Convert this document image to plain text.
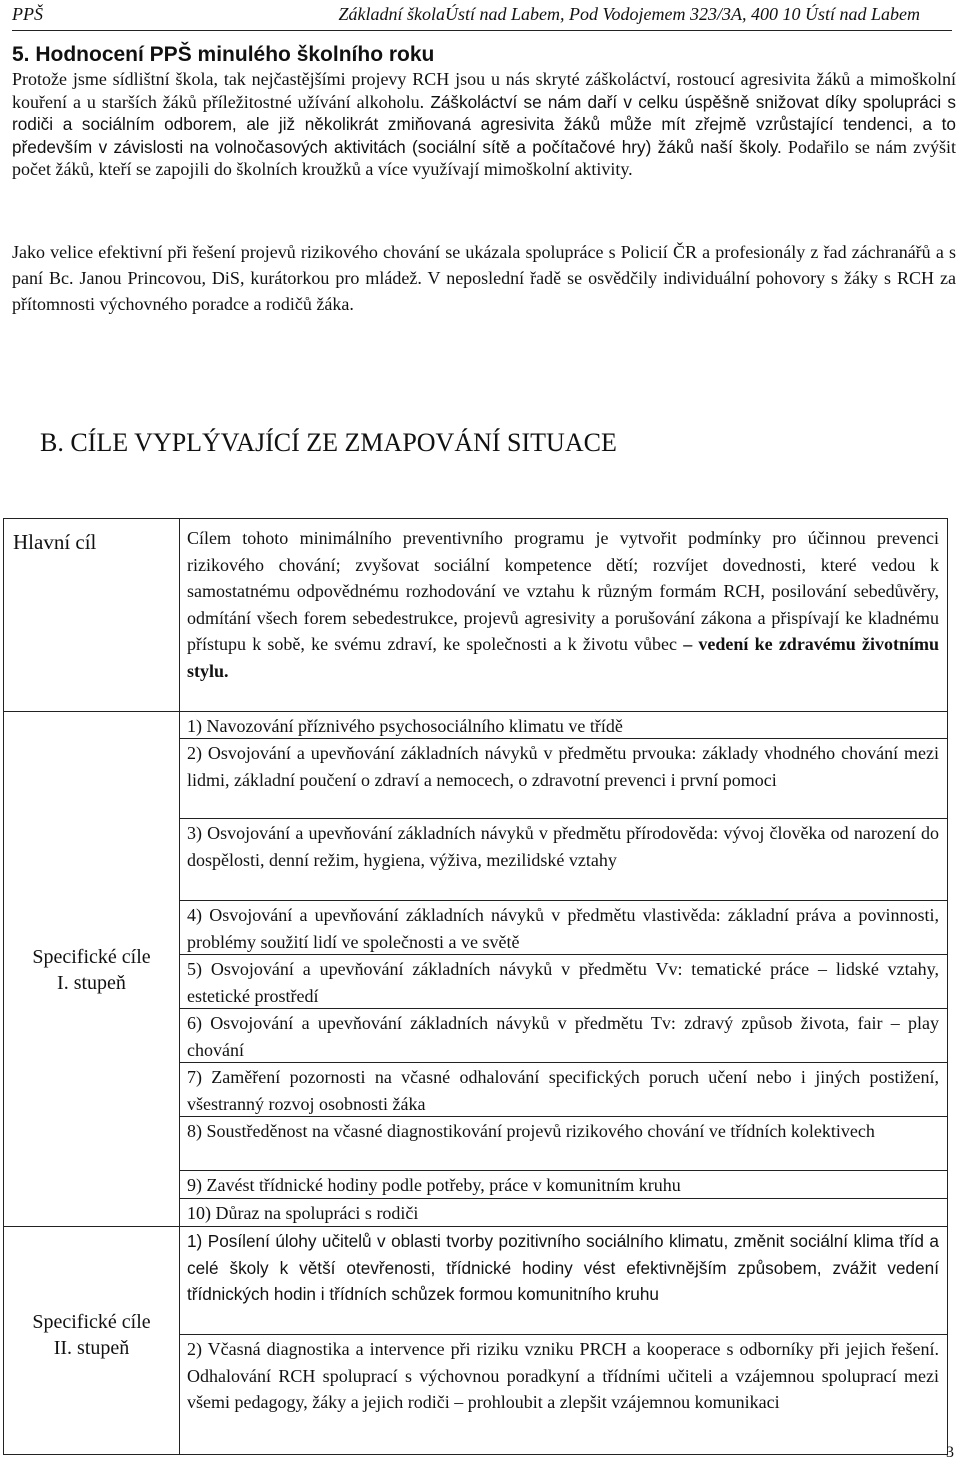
PPŠ	Základní školaÚstí nad Labem, Pod Vodojemem 323/3A, 400 10 Ústí nad Labem
5. Hodnocení PPŠ minulého školního roku
Protože jsme sídlištní škola, tak nejčastějšími projevy RCH jsou u nás skryté záškoláctví, rostoucí agresivita žáků a mimoškolní kouření a u starších žáků příležitostné užívání alkoholu. Záškoláctví se nám daří v celku úspěšně snižovat díky spolupráci s rodiči a sociálním odborem, ale již několikrát zmiňovaná agresivita žáků může mít zřejmě vzrůstající tendenci, a to především v závislosti na volnočasových aktivitách (sociální sítě a počítačové hry) žáků naší školy. Podařilo se nám zvýšit počet žáků, kteří se zapojili do školních kroužků a více využívají mimoškolní aktivity.
Jako velice efektivní při řešení projevů rizikového chování se ukázala spolupráce s Policií ČR a profesionály z řad záchranářů a s paní Bc. Janou Princovou, DiS, kurátorkou pro mládež. V neposlední řadě se osvědčily individuální pohovory s žáky s RCH za přítomnosti výchovného poradce a rodičů žáka.
B. CÍLE VYPLÝVAJÍCÍ ZE ZMAPOVÁNÍ SITUACE
Hlavní cíl	Cílem tohoto minimálního preventivního programu je vytvořit podmínky pro účinnou prevenci rizikového chování; zvyšovat sociální kompetence dětí; rozvíjet dovednosti, které vedou k samostatnému odpovědnému rozhodování ve vztahu k různým formám RCH, posilování sebedůvěry, odmítání všech forem sebedestrukce, projevů agresivity a porušování zákona a přispívají ke kladnému přístupu k sobě, ke svému zdraví, ke společnosti a k životu vůbec – vedení ke zdravému životnímu stylu.
Specifické cíle
I. stupeň
1) Navozování příznivého psychosociálního klimatu ve třídě
2) Osvojování a upevňování základních návyků v předmětu prvouka: základy vhodného chování mezi lidmi, základní poučení o zdraví a nemocech, o zdravotní prevenci i první pomoci
3) Osvojování a upevňování základních návyků v předmětu přírodověda: vývoj člověka od narození do dospělosti, denní režim, hygiena, výživa, mezilidské vztahy
4) Osvojování a upevňování základních návyků v předmětu vlastivěda: základní práva a povinnosti, problémy soužití lidí ve společnosti a ve světě
5) Osvojování a upevňování základních návyků v předmětu Vv: tematické práce – lidské vztahy, estetické prostředí
6) Osvojování a upevňování základních návyků v předmětu Tv: zdravý způsob života, fair – play chování
7) Zaměření pozornosti na včasné odhalování specifických poruch učení nebo i jiných postižení, všestranný rozvoj osobnosti žáka
8) Soustředěnost na včasné diagnostikování projevů rizikového chování ve třídních kolektivech
9) Zavést třídnické hodiny podle potřeby, práce v komunitním kruhu
10) Důraz na spolupráci s rodiči
Specifické cíle
II. stupeň
1) Posílení úlohy učitelů v oblasti tvorby pozitivního sociálního klimatu, změnit sociální klima tříd a celé školy k větší otevřenosti, třídnické hodiny vést efektivnějším způsobem, zvážit vedení třídnických hodin i třídních schůzek formou komunitního kruhu
2) Včasná diagnostika a intervence při riziku vzniku PRCH a kooperace s odborníky při jejich řešení. Odhalování RCH spoluprací s výchovnou poradkyní a třídními učiteli a vzájemnou spoluprací mezi všemi pedagogy, žáky a jejich rodiči – prohloubit a zlepšit vzájemnou komunikaci
3
